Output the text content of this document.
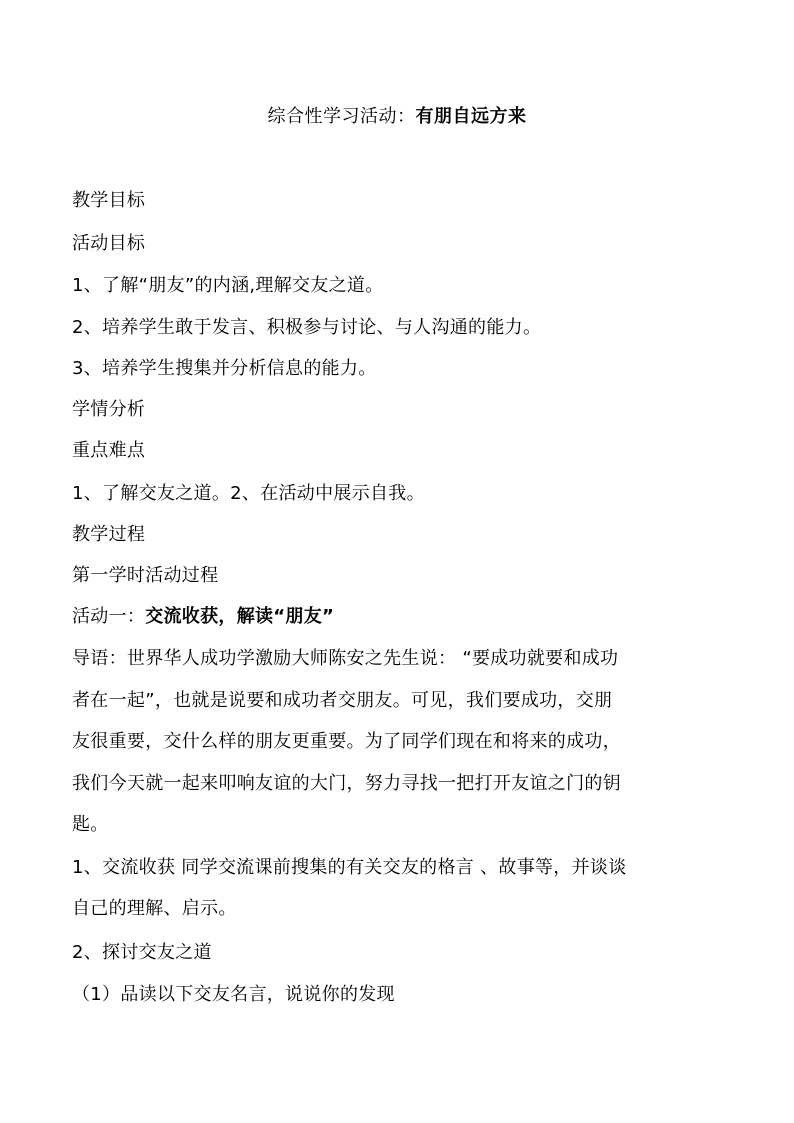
综合性学习活动：有朋自远方来
教学目标
活动目标
1、了解“朋友”的内涵,理解交友之道。
2、培养学生敢于发言、积极参与讨论、与人沟通的能力。
3、培养学生搜集并分析信息的能力。
学情分析
重点难点
1、了解交友之道。2、在活动中展示自我。
教学过程
第一学时活动过程
活动一：交流收获，解读“朋友”
导语：世界华人成功学激励大师陈安之先生说： “要成功就要和成功
者在一起”，也就是说要和成功者交朋友。可见，我们要成功，交朋
友很重要，交什么样的朋友更重要。为了同学们现在和将来的成功，
我们今天就一起来叩响友谊的大门，努力寻找一把打开友谊之门的钥
匙。
1、交流收获 同学交流课前搜集的有关交友的格言 、故事等，并谈谈
自己的理解、启示。
2、探讨交友之道
（1）品读以下交友名言，说说你的发现
